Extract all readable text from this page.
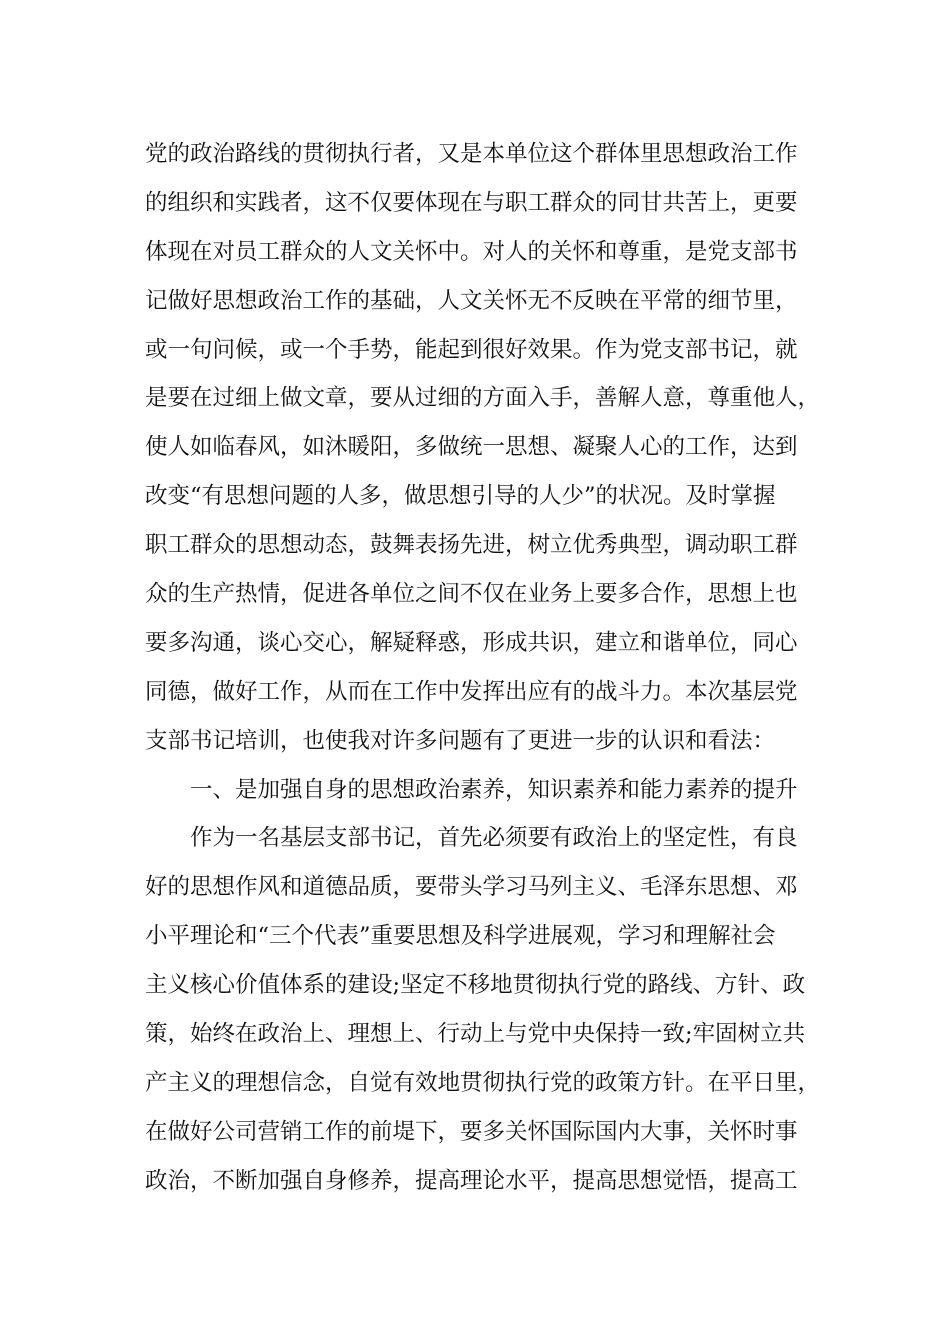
党的政治路线的贯彻执行者，又是本单位这个群体里思想政治工作
的组织和实践者，这不仅要体现在与职工群众的同甘共苦上，更要
体现在对员工群众的人文关怀中。对人的关怀和尊重，是党支部书
记做好思想政治工作的基础，人文关怀无不反映在平常的细节里，
或一句问候，或一个手势，能起到很好效果。作为党支部书记，就
是要在过细上做文章，要从过细的方面入手，善解人意，尊重他人，
使人如临春风，如沐暖阳，多做统一思想、凝聚人心的工作，达到
改变“有思想问题的人多，做思想引导的人少”的状况。及时掌握
职工群众的思想动态，鼓舞表扬先进，树立优秀典型，调动职工群
众的生产热情，促进各单位之间不仅在业务上要多合作，思想上也
要多沟通，谈心交心，解疑释惑，形成共识，建立和谐单位，同心
同德，做好工作，从而在工作中发挥出应有的战斗力。本次基层党
支部书记培训，也使我对许多问题有了更进一步的认识和看法：
一、是加强自身的思想政治素养，知识素养和能力素养的提升
作为一名基层支部书记，首先必须要有政治上的坚定性，有良
好的思想作风和道德品质，要带头学习马列主义、毛泽东思想、邓
小平理论和“三个代表”重要思想及科学进展观，学习和理解社会
主义核心价值体系的建设;坚定不移地贯彻执行党的路线、方针、政
策，始终在政治上、理想上、行动上与党中央保持一致;牢固树立共
产主义的理想信念，自觉有效地贯彻执行党的政策方针。在平日里，
在做好公司营销工作的前堤下，要多关怀国际国内大事，关怀时事
政治，不断加强自身修养，提高理论水平，提高思想觉悟，提高工
